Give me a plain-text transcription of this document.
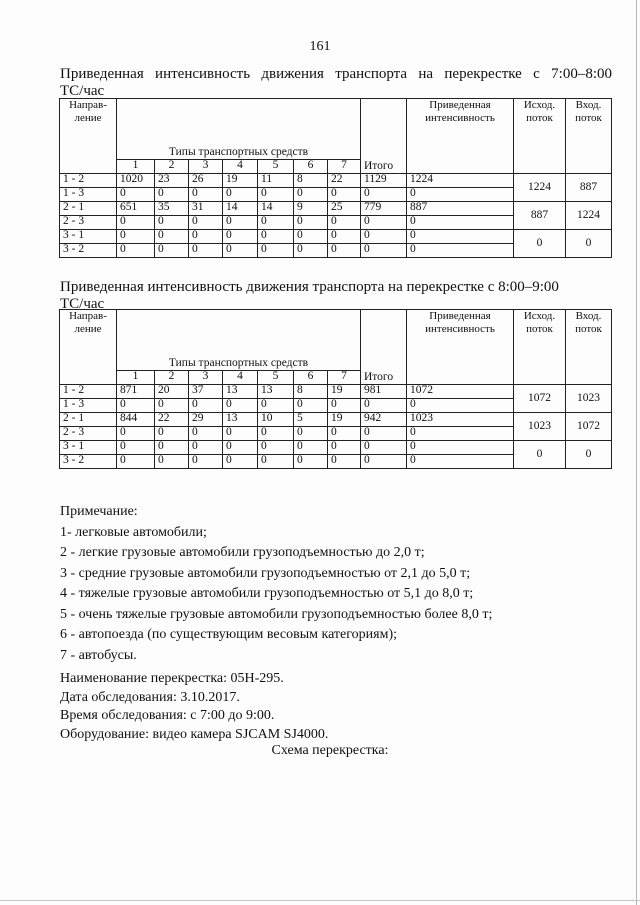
161
Приведенная интенсивность движения транспорта на перекрестке с 7:00–8:00
ТС/час
Направ- ление	Типы транспортных средств							Итого	Приведенная интенсивность	Исход. поток	Вход. поток
	1	2	3	4	5	6	7				
1 - 2	1020	23	26	19	11	8	22	1129	1224	1224	887
1 - 3	0	0	0	0	0	0	0	0	0		
2 - 1	651	35	31	14	14	9	25	779	887	887	1224
2 - 3	0	0	0	0	0	0	0	0	0		
3 - 1	0	0	0	0	0	0	0	0	0	0	0
3 - 2	0	0	0	0	0	0	0	0	0		
Приведенная интенсивность движения транспорта на перекрестке с 8:00–9:00
ТС/час
Направ- ление	Типы транспортных средств							Итого	Приведенная интенсивность	Исход. поток	Вход. поток
	1	2	3	4	5	6	7				
1 - 2	871	20	37	13	13	8	19	981	1072	1072	1023
1 - 3	0	0	0	0	0	0	0	0	0		
2 - 1	844	22	29	13	10	5	19	942	1023	1023	1072
2 - 3	0	0	0	0	0	0	0	0	0		
3 - 1	0	0	0	0	0	0	0	0	0	0	0
3 - 2	0	0	0	0	0	0	0	0	0		
Примечание:
1- легковые автомобили;
2 - легкие грузовые автомобили грузоподъемностью до 2,0 т;
3 - средние грузовые автомобили грузоподъемностью от 2,1 до 5,0 т;
4 - тяжелые грузовые автомобили грузоподъемностью от 5,1 до 8,0 т;
5 - очень тяжелые грузовые автомобили грузоподъемностью более 8,0 т;
6 - автопоезда (по существующим весовым категориям);
7 - автобусы.
Наименование перекрестка: 05Н-295.
Дата обследования: 3.10.2017.
Время обследования: с 7:00 до 9:00.
Оборудование: видео камера SJCAM SJ4000.
Схема перекрестка:
